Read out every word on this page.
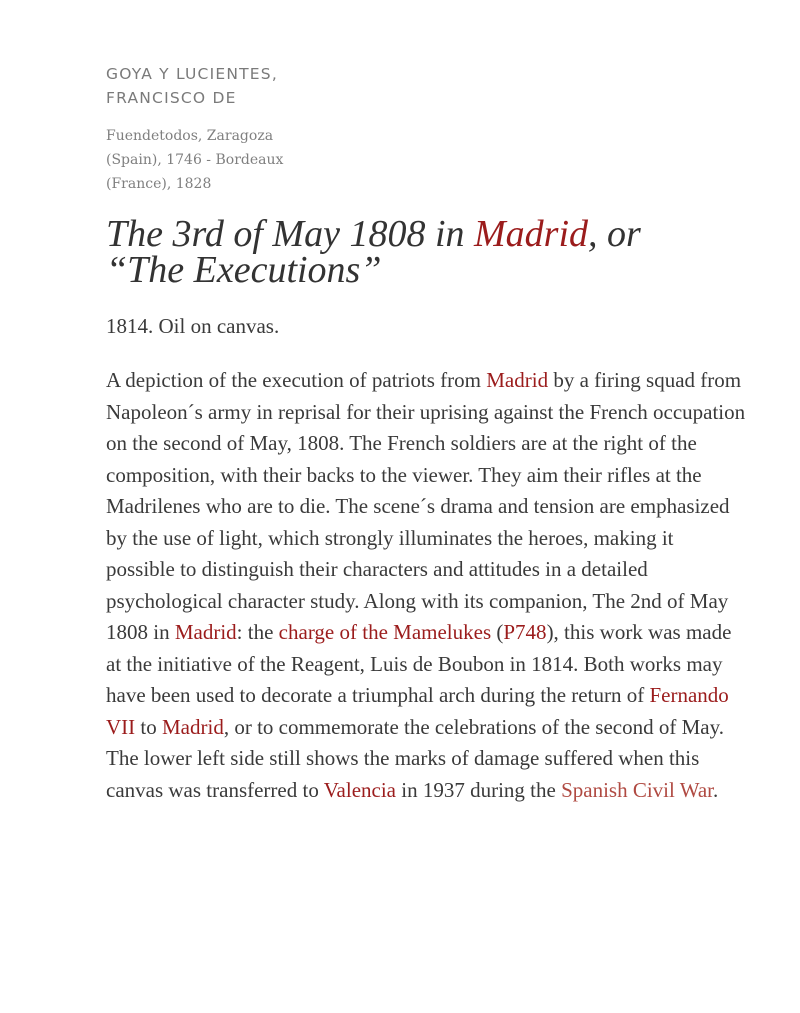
GOYA Y LUCIENTES,
FRANCISCO DE

Fuendetodos, Zaragoza
(Spain), 1746 - Bordeaux
(France), 1828

The 3rd of May 1808 in Madrid, or
“The Executions”

1814. Oil on canvas.

A depiction of the execution of patriots from Madrid by a firing squad from Napoleon´s army in reprisal for their uprising against the French occupation on the second of May, 1808. The French soldiers are at the right of the composition, with their backs to the viewer. They aim their rifles at the Madrilenes who are to die. The scene´s drama and tension are emphasized by the use of light, which strongly illuminates the heroes, making it possible to distinguish their characters and attitudes in a detailed psychological character study. Along with its companion, The 2nd of May 1808 in Madrid: the charge of the Mamelukes (P748), this work was made at the initiative of the Reagent, Luis de Boubon in 1814. Both works may have been used to decorate a triumphal arch during the return of Fernando VII to Madrid, or to commemorate the celebrations of the second of May. The lower left side still shows the marks of damage suffered when this canvas was transferred to Valencia in 1937 during the Spanish Civil War.
